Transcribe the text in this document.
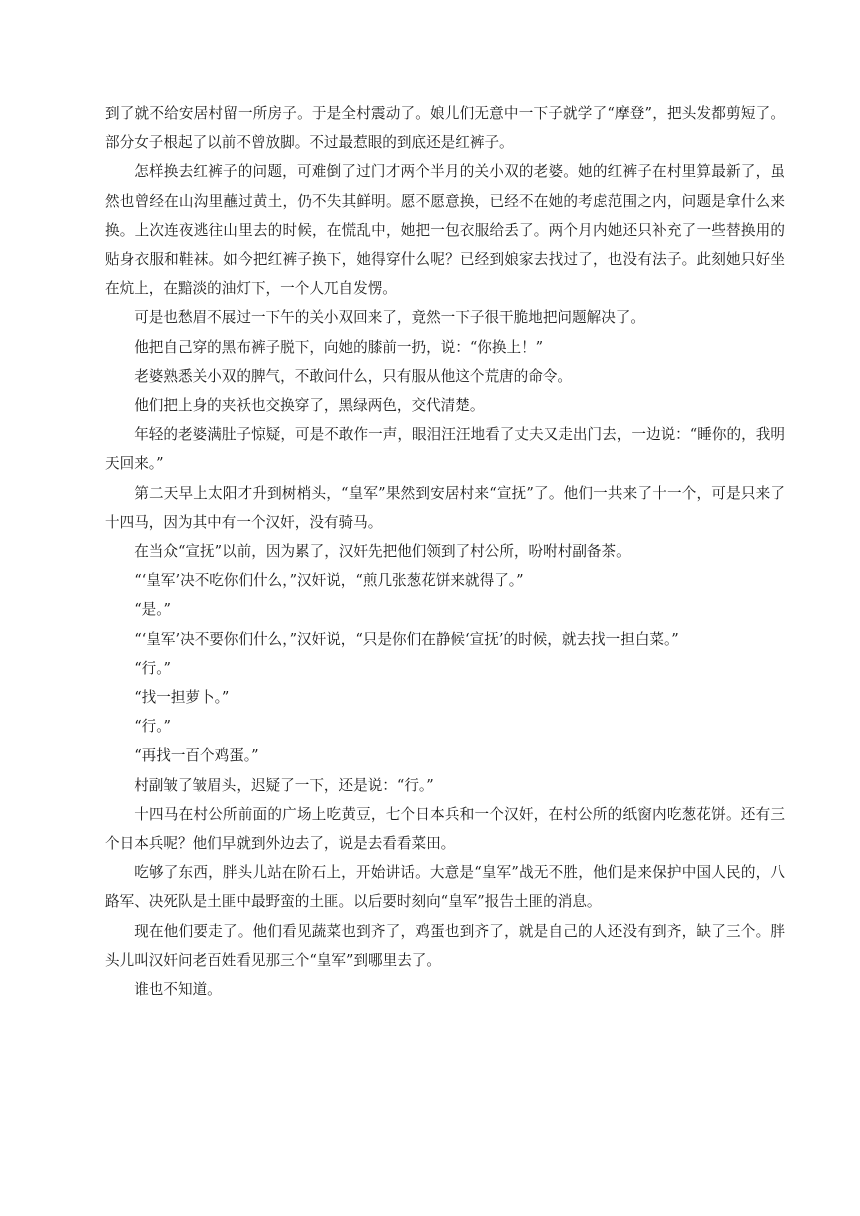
到了就不给安居村留一所房子。于是全村震动了。娘儿们无意中一下子就学了“摩登”，把头发都剪短了。部分女子根起了以前不曾放脚。不过最惹眼的到底还是红裤子。

怎样换去红裤子的问题，可难倒了过门才两个半月的关小双的老婆。她的红裤子在村里算最新了，虽然也曾经在山沟里蘸过黄土，仍不失其鲜明。愿不愿意换，已经不在她的考虑范围之内，问题是拿什么来换。上次连夜逃往山里去的时候，在慌乱中，她把一包衣服给丢了。两个月内她还只补充了一些替换用的贴身衣服和鞋袜。如今把红裤子换下，她得穿什么呢？已经到娘家去找过了，也没有法子。此刻她只好坐在炕上，在黯淡的油灯下，一个人兀自发愣。

可是也愁眉不展过一下午的关小双回来了，竟然一下子很干脆地把问题解决了。

他把自己穿的黑布裤子脱下，向她的膝前一扔，说：“你换上！”

老婆熟悉关小双的脾气，不敢问什么，只有服从他这个荒唐的命令。

他们把上身的夹袄也交换穿了，黑绿两色，交代清楚。

年轻的老婆满肚子惊疑，可是不敢作一声，眼泪汪汪地看了丈夫又走出门去，一边说：“睡你的，我明天回来。”

第二天早上太阳才升到树梢头，“皇军”果然到安居村来“宣抚”了。他们一共来了十一个，可是只来了十四马，因为其中有一个汉奸，没有骑马。

在当众“宣抚”以前，因为累了，汉奸先把他们领到了村公所，吩咐村副备茶。

“‘皇军’决不吃你们什么，”汉奸说，“煎几张葱花饼来就得了。”

“是。”

“‘皇军’决不要你们什么，”汉奸说，“只是你们在静候‘宣抚’的时候，就去找一担白菜。”

“行。”

“找一担萝卜。”

“行。”

“再找一百个鸡蛋。”

村副皱了皱眉头，迟疑了一下，还是说：“行。”

十四马在村公所前面的广场上吃黄豆，七个日本兵和一个汉奸，在村公所的纸窗内吃葱花饼。还有三个日本兵呢？他们早就到外边去了，说是去看看菜田。

吃够了东西，胖头儿站在阶石上，开始讲话。大意是“皇军”战无不胜，他们是来保护中国人民的，八路军、决死队是土匪中最野蛮的土匪。以后要时刻向“皇军”报告土匪的消息。

现在他们要走了。他们看见蔬菜也到齐了，鸡蛋也到齐了，就是自己的人还没有到齐，缺了三个。胖头儿叫汉奸问老百姓看见那三个“皇军”到哪里去了。

谁也不知道。
